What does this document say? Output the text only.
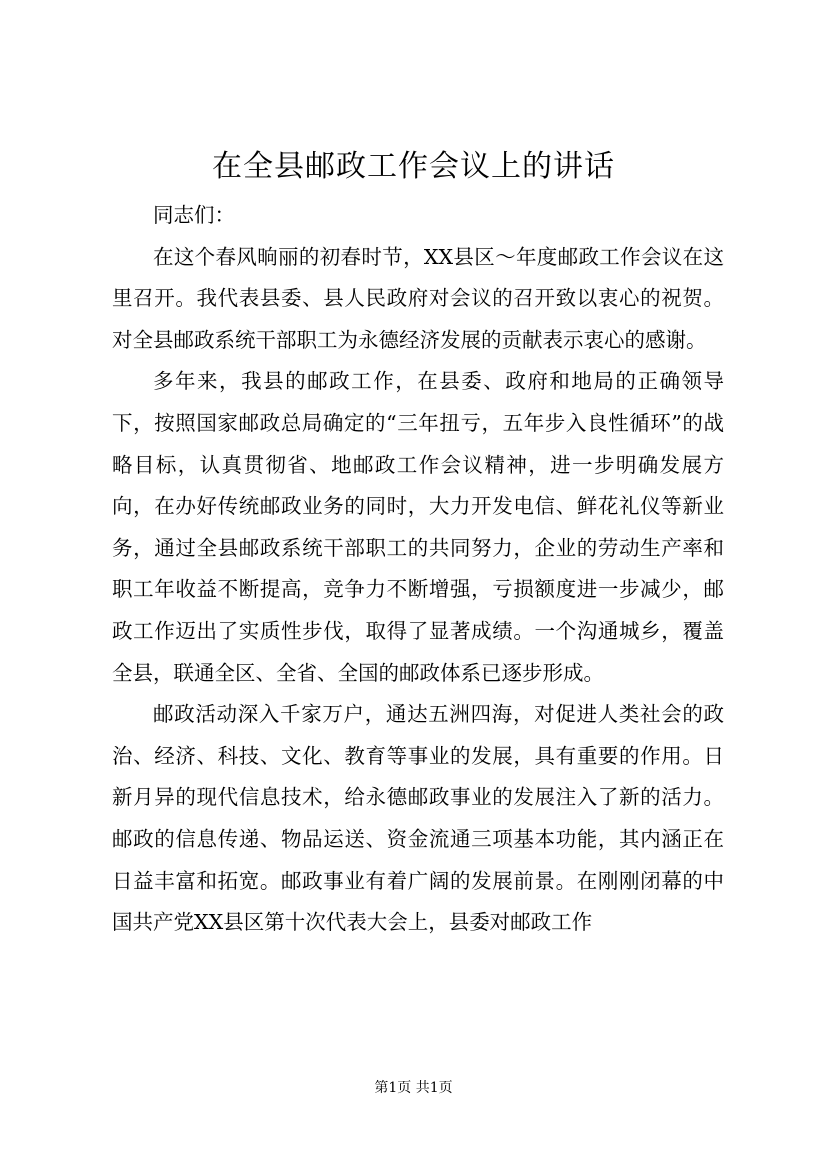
在全县邮政工作会议上的讲话

同志们：

在这个春风晌丽的初春时节，XX县区～年度邮政工作会议在这里召开。我代表县委、县人民政府对会议的召开致以衷心的祝贺。对全县邮政系统干部职工为永德经济发展的贡献表示衷心的感谢。

多年来，我县的邮政工作，在县委、政府和地局的正确领导下，按照国家邮政总局确定的“三年扭亏，五年步入良性循环”的战略目标，认真贯彻省、地邮政工作会议精神，进一步明确发展方向，在办好传统邮政业务的同时，大力开发电信、鲜花礼仪等新业务，通过全县邮政系统干部职工的共同努力，企业的劳动生产率和职工年收益不断提高，竞争力不断增强，亏损额度进一步减少，邮政工作迈出了实质性步伐，取得了显著成绩。一个沟通城乡，覆盖全县，联通全区、全省、全国的邮政体系已逐步形成。

邮政活动深入千家万户，通达五洲四海，对促进人类社会的政治、经济、科技、文化、教育等事业的发展，具有重要的作用。日新月异的现代信息技术，给永德邮政事业的发展注入了新的活力。邮政的信息传递、物品运送、资金流通三项基本功能，其内涵正在日益丰富和拓宽。邮政事业有着广阔的发展前景。在刚刚闭幕的中国共产党XX县区第十次代表大会上，县委对邮政工作

第1页 共1页
